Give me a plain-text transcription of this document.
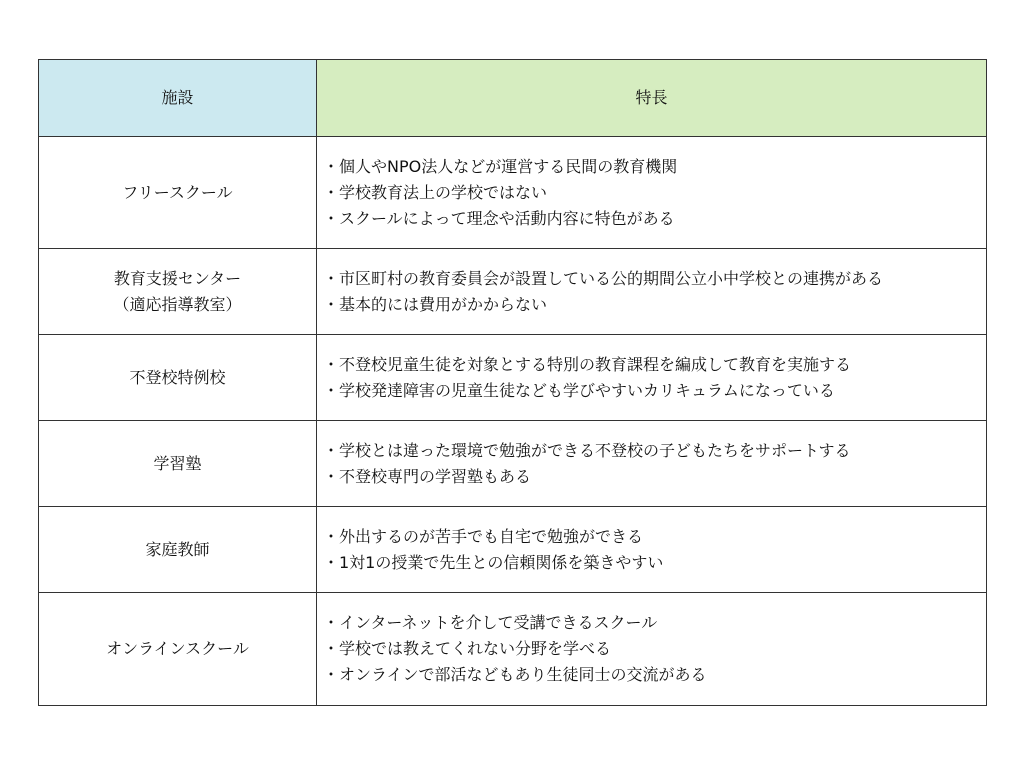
施設	特長

フリースクール	・個人やNPO法人などが運営する民間の教育機関
・学校教育法上の学校ではない
・スクールによって理念や活動内容に特色がある

教育支援センター
（適応指導教室）	・市区町村の教育委員会が設置している公的期間公立小中学校との連携がある
・基本的には費用がかからない

不登校特例校	・不登校児童生徒を対象とする特別の教育課程を編成して教育を実施する
・学校発達障害の児童生徒なども学びやすいカリキュラムになっている

学習塾	・学校とは違った環境で勉強ができる不登校の子どもたちをサポートする
・不登校専門の学習塾もある

家庭教師	・外出するのが苦手でも自宅で勉強ができる
・1対1の授業で先生との信頼関係を築きやすい

オンラインスクール	・インターネットを介して受講できるスクール
・学校では教えてくれない分野を学べる
・オンラインで部活などもあり生徒同士の交流がある
